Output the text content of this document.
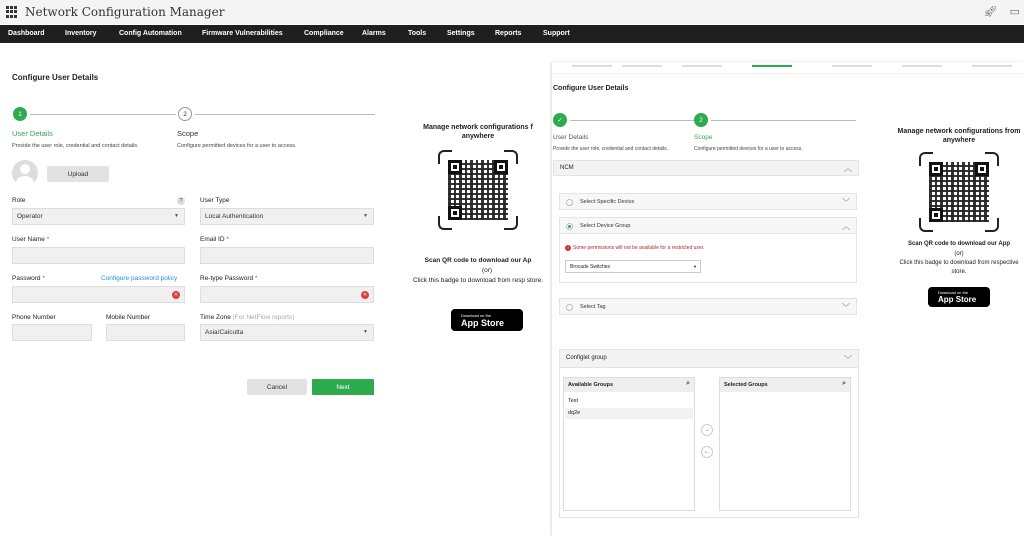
Network Configuration Manager	🚀︎ ▭
Dashboard	Inventory	Config Automation	Firmware Vulnerabilities	Compliance	Alarms	Tools	Settings	Reports	Support
Configure User Details
1	2
User Details	Scope
Provide the user role, credential and contact details.	Configure permitted devices for a user to access.
Upload
Role	?
Operator	▼
User Type
Local Authentication	▼
User Name *	Email ID *
Password *	Configure password policy
✕
Re-type Password *
✕
Phone Number	Mobile Number	Time Zone (For NetFlow reports)
Asia/Calcutta	▼
Cancel	Next
Manage network configurations f anywhere
Scan QR code to download our Ap
(or)
Click this badge to download from resp store.
Download on the
App Store
Configure User Details
✓	2
User Details	Scope
Provide the user role, credential and contact details.	Configure permitted devices for a user to access.
NCM	︿
Select Specific Device	﹀
Select Device Group	︿
! Some permissions will not be available for a restricted user.
Brocade Switches	▼
Select Tag	﹀
Configlet group	﹀
Available Groups	⌕
Test
dq2e
→
←
Selected Groups	⌕
Manage network configurations from anywhere
Scan QR code to download our App
(or)
Click this badge to download from respective store.
Download on the
App Store
